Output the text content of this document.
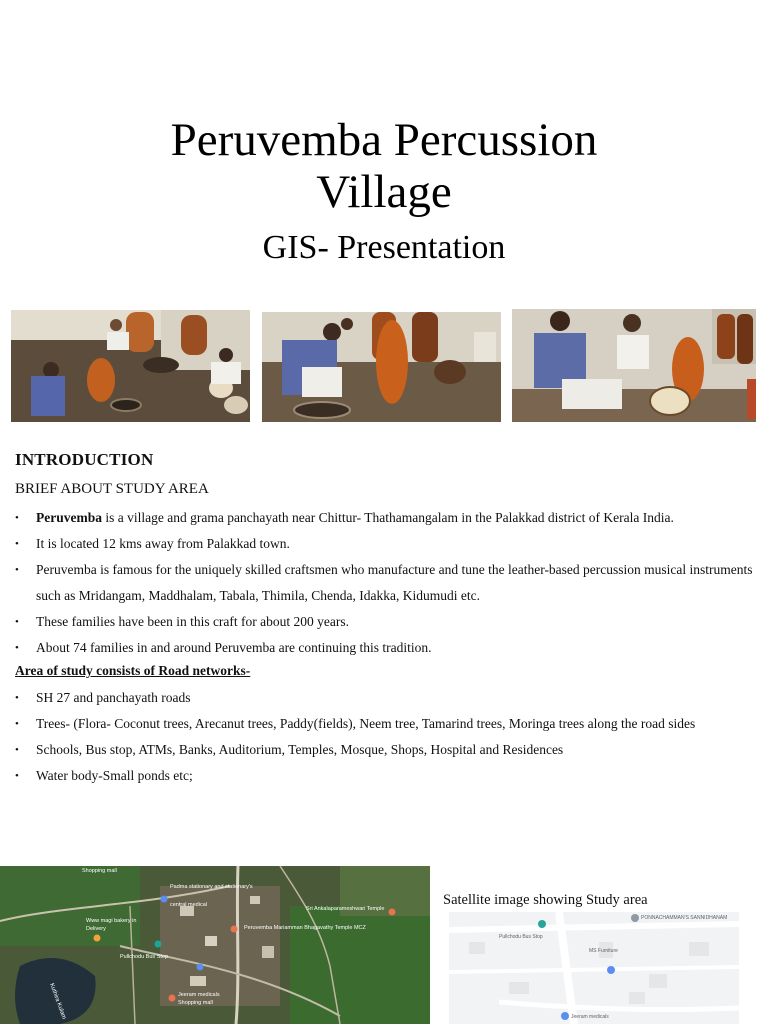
Peruvemba Percussion
Village
GIS- Presentation
INTRODUCTION
BRIEF ABOUT STUDY AREA
• Peruvemba is a village and grama panchayath near Chittur- Thathamangalam in the Palakkad district of Kerala India.
• It is located 12 kms away from Palakkad town.
• Peruvemba is famous for the uniquely skilled craftsmen who manufacture and tune the leather-based percussion musical instruments such as Mridangam, Maddhalam, Tabala, Thimila, Chenda, Idakka, Kidumudi etc.
• These families have been in this craft for about 200 years.
• About 74 families in and around Peruvemba are continuing this tradition.
Area of study consists of Road networks-
• SH 27 and panchayath roads
• Trees- (Flora- Coconut trees, Arecanut trees, Paddy(fields), Neem tree, Tamarind trees, Moringa trees along the road sides
• Schools, Bus stop, ATMs, Banks, Auditorium, Temples, Mosque, Shops, Hospital and Residences
• Water body-Small ponds etc;
Shopping mall
Padma stationary and stationary's
central medical
Www magi bakery in
Delivery
Pullchodu Bus Stop
Sri Ankalaparameshwari Temple
Peruvemba Mariamman Bhagavathy Temple MCZ
Jeeram medicals
Shopping mall
Kuthira Kulam
Satellite image showing Study area
PONNACHAMMAN'S SANNIDHANAM
Pullchodu Bus Stop
MS Furniture
Jeeram medicals
